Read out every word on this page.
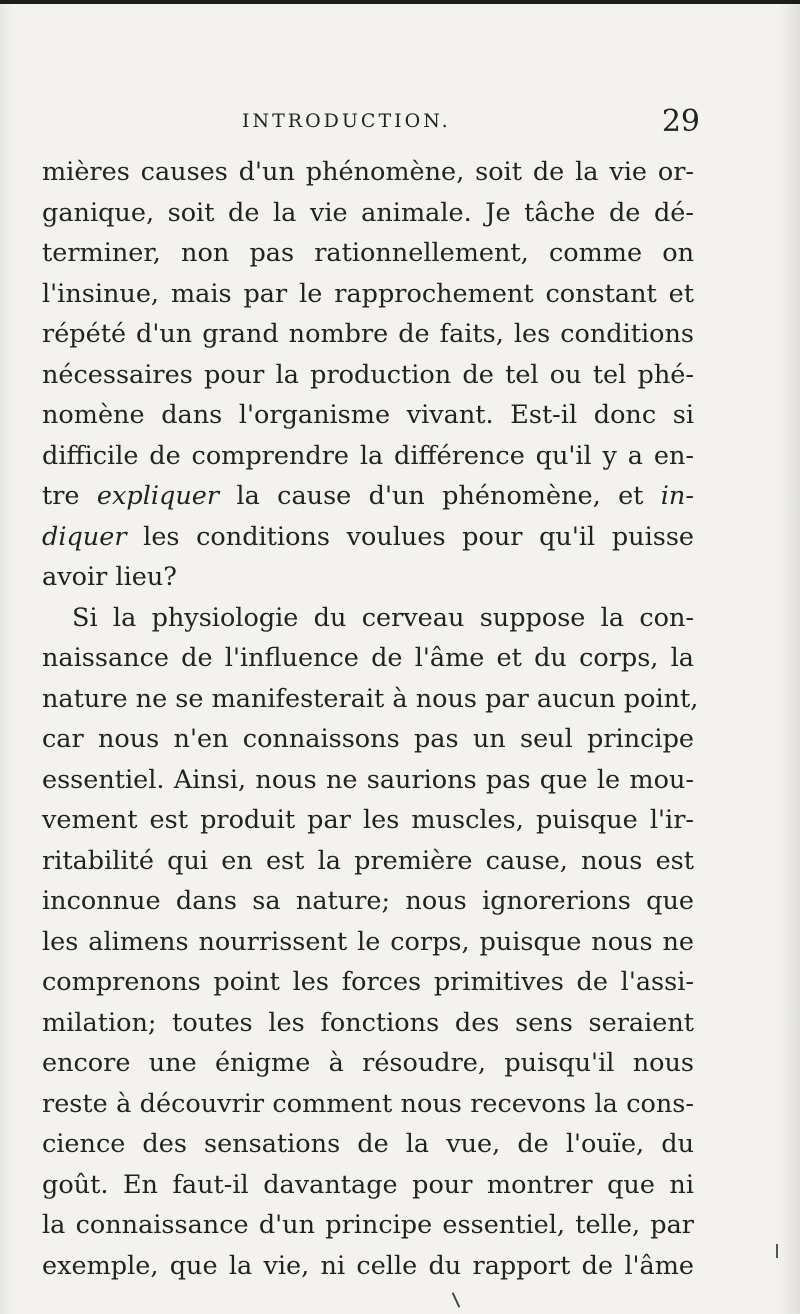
INTRODUCTION.	29
mières causes d'un phénomène, soit de la vie or-
ganique, soit de la vie animale. Je tâche de dé-
terminer, non pas rationnellement, comme on
l'insinue, mais par le rapprochement constant et
répété d'un grand nombre de faits, les conditions
nécessaires pour la production de tel ou tel phé-
nomène dans l'organisme vivant. Est-il donc si
difficile de comprendre la différence qu'il y a en-
tre expliquer la cause d'un phénomène, et in-
diquer les conditions voulues pour qu'il puisse
avoir lieu?
Si la physiologie du cerveau suppose la con-
naissance de l'influence de l'âme et du corps, la
nature ne se manifesterait à nous par aucun point,
car nous n'en connaissons pas un seul principe
essentiel. Ainsi, nous ne saurions pas que le mou-
vement est produit par les muscles, puisque l'ir-
ritabilité qui en est la première cause, nous est
inconnue dans sa nature; nous ignorerions que
les alimens nourrissent le corps, puisque nous ne
comprenons point les forces primitives de l'assi-
milation; toutes les fonctions des sens seraient
encore une énigme à résoudre, puisqu'il nous
reste à découvrir comment nous recevons la cons-
cience des sensations de la vue, de l'ouïe, du
goût. En faut-il davantage pour montrer que ni
la connaissance d'un principe essentiel, telle, par
exemple, que la vie, ni celle du rapport de l'âme
